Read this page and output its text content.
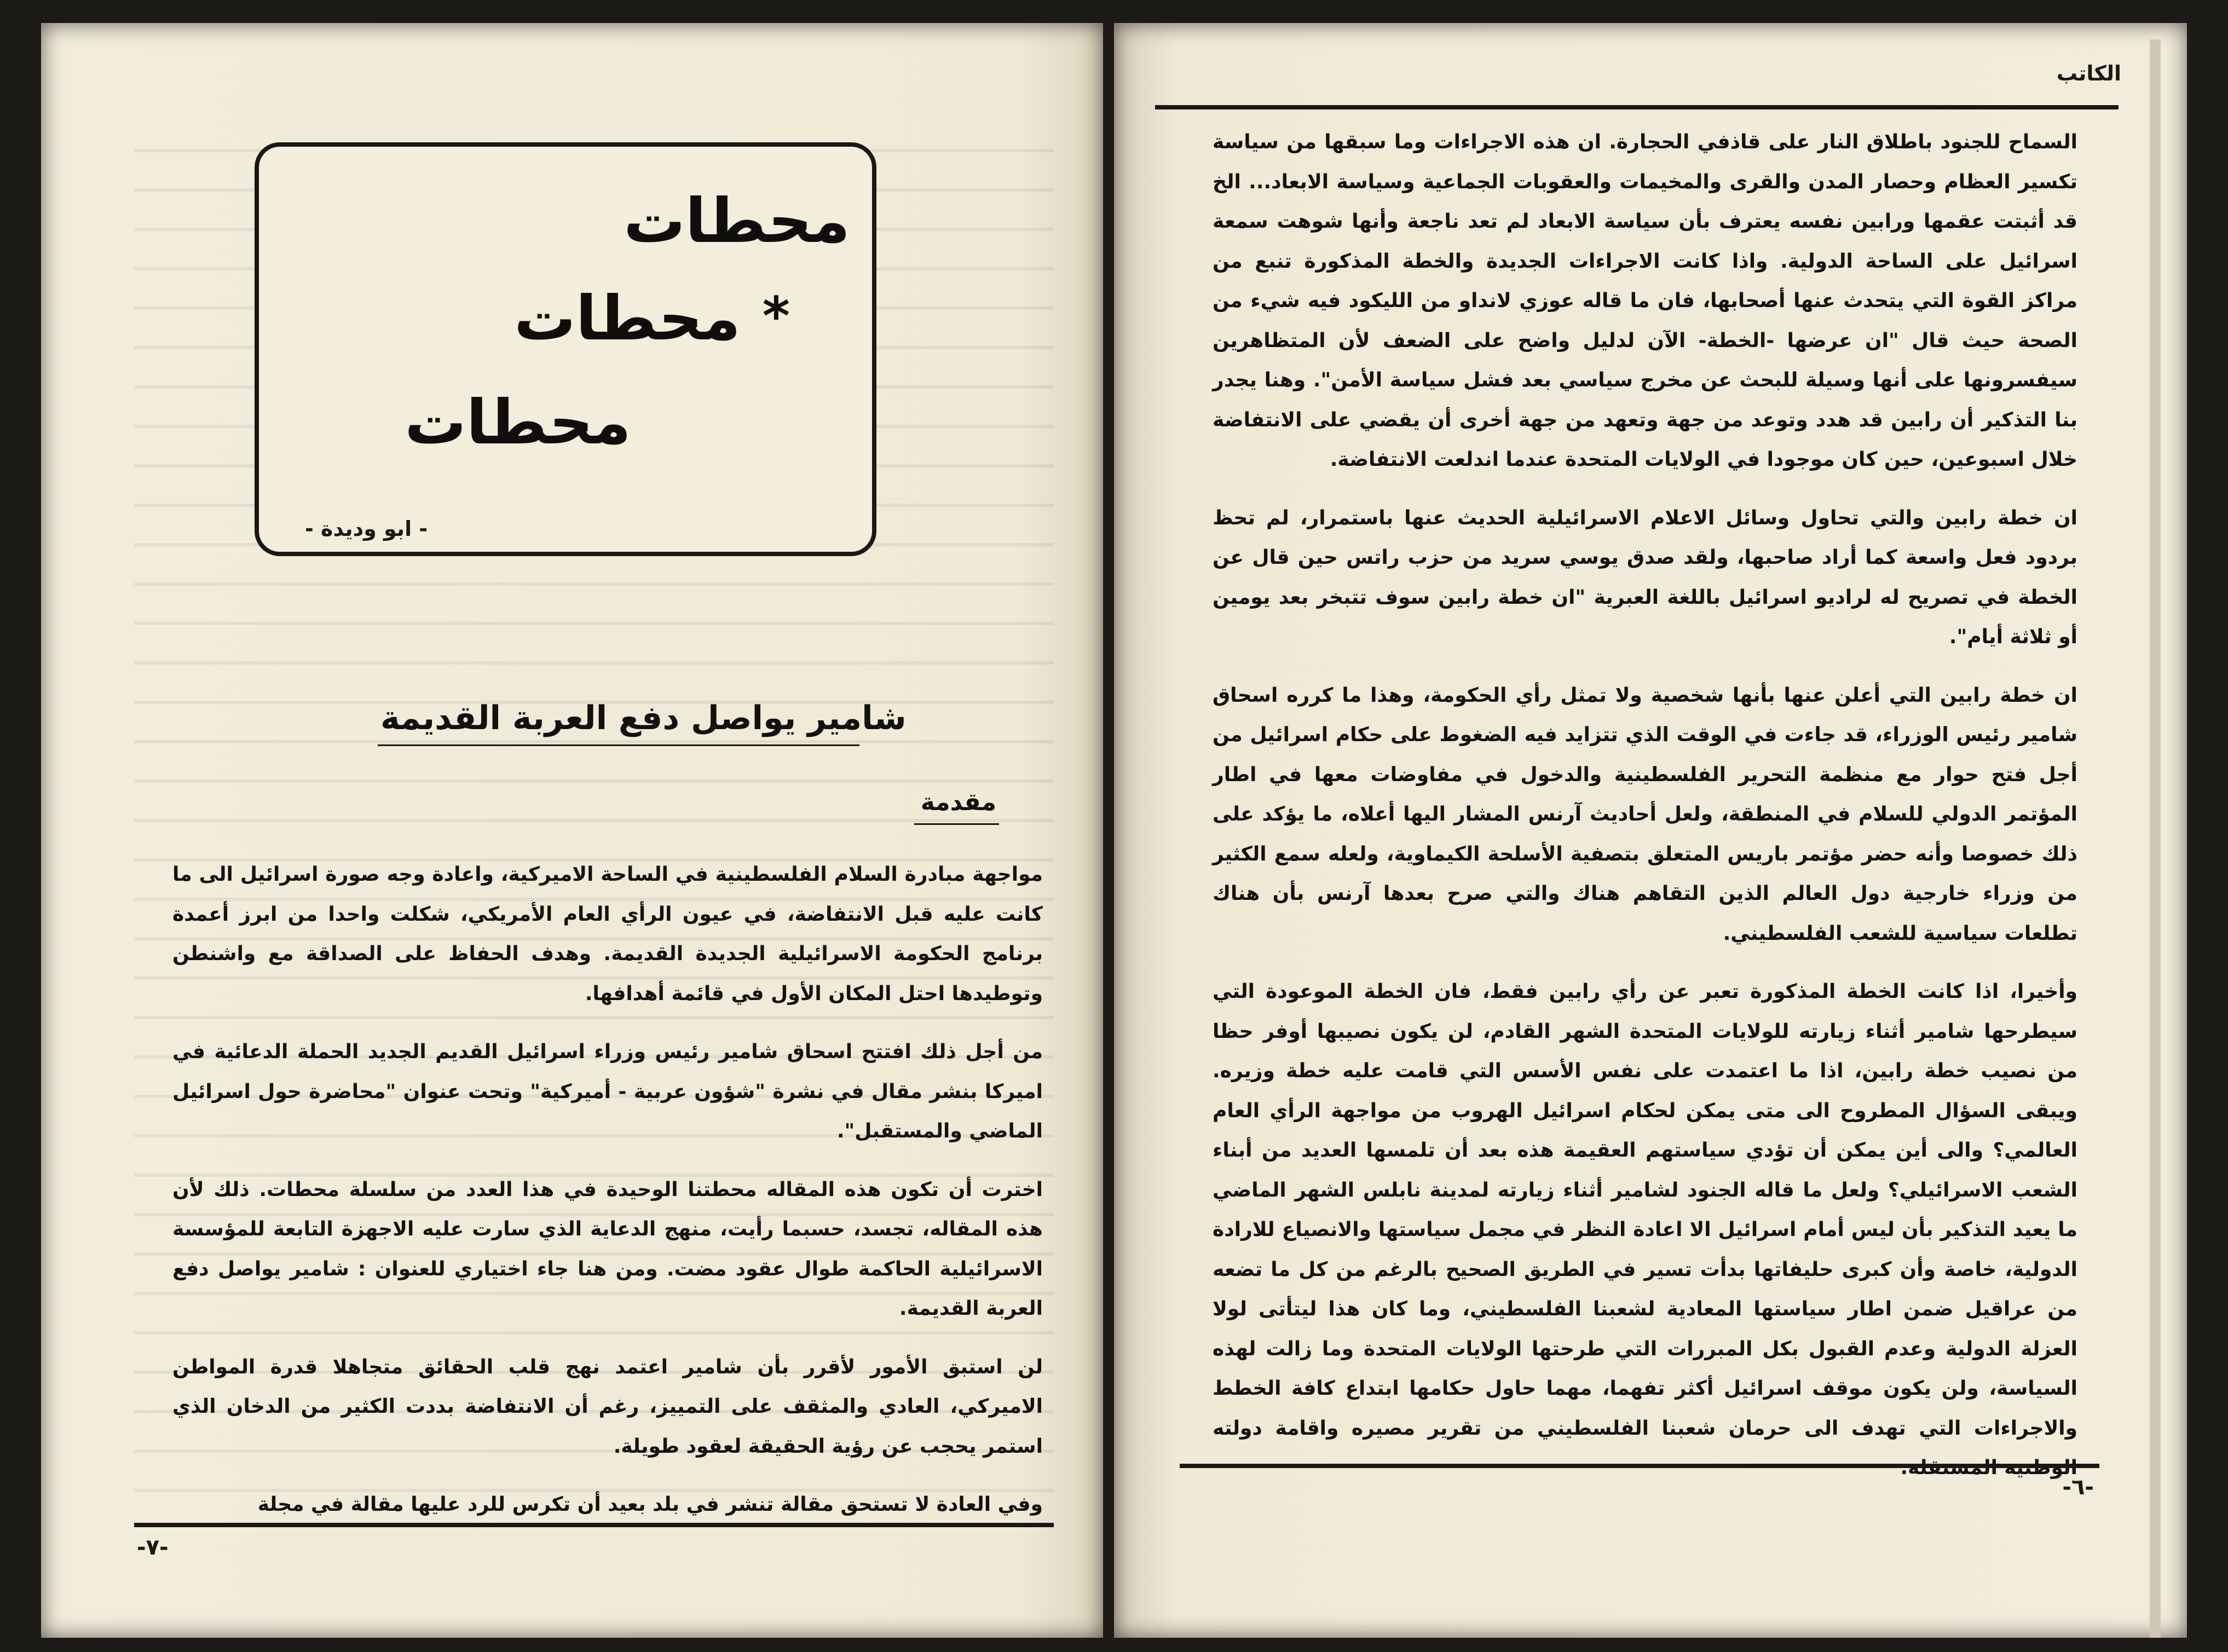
محطات
محطات *
محطات
- ابو وديدة -
شامير يواصل دفع العربة القديمة
مقدمة

مواجهة مبادرة السلام الفلسطينية في الساحة الاميركية، واعادة وجه صورة اسرائيل الى ما كانت عليه قبل الانتفاضة، في عيون الرأي العام الأمريكي، شكلت واحدا من ابرز أعمدة برنامج الحكومة الاسرائيلية الجديدة القديمة. وهدف الحفاظ على الصداقة مع واشنطن وتوطيدها احتل المكان الأول في قائمة أهدافها.

من أجل ذلك افتتح اسحاق شامير رئيس وزراء اسرائيل القديم الجديد الحملة الدعائية في اميركا بنشر مقال في نشرة "شؤون عربية - أميركية" وتحت عنوان "محاضرة حول اسرائيل الماضي والمستقبل".

اخترت أن تكون هذه المقاله محطتنا الوحيدة في هذا العدد من سلسلة محطات. ذلك لأن هذه المقاله، تجسد، حسبما رأيت، منهج الدعاية الذي سارت عليه الاجهزة التابعة للمؤسسة الاسرائيلية الحاكمة طوال عقود مضت. ومن هنا جاء اختياري للعنوان : شامير يواصل دفع العربة القديمة.

لن استبق الأمور لأقرر بأن شامير اعتمد نهج قلب الحقائق متجاهلا قدرة المواطن الاميركي، العادي والمثقف على التمييز، رغم أن الانتفاضة بددت الكثير من الدخان الذي استمر يحجب عن رؤية الحقيقة لعقود طويلة.

وفي العادة لا تستحق مقالة تنشر في بلد بعيد أن تكرس للرد عليها مقالة في مجلة

-٧-
الكاتب

السماح للجنود باطلاق النار على قاذفي الحجارة. ان هذه الاجراءات وما سبقها من سياسة تكسير العظام وحصار المدن والقرى والمخيمات والعقوبات الجماعية وسياسة الابعاد... الخ قد أثبتت عقمها ورابين نفسه يعترف بأن سياسة الابعاد لم تعد ناجعة وأنها شوهت سمعة اسرائيل على الساحة الدولية. واذا كانت الاجراءات الجديدة والخطة المذكورة تنبع من مراكز القوة التي يتحدث عنها أصحابها، فان ما قاله عوزي لانداو من الليكود فيه شيء من الصحة حيث قال "ان عرضها -الخطة- الآن لدليل واضح على الضعف لأن المتظاهرين سيفسرونها على أنها وسيلة للبحث عن مخرج سياسي بعد فشل سياسة الأمن". وهنا يجدر بنا التذكير أن رابين قد هدد وتوعد من جهة وتعهد من جهة أخرى أن يقضي على الانتفاضة خلال اسبوعين، حين كان موجودا في الولايات المتحدة عندما اندلعت الانتفاضة.

ان خطة رابين والتي تحاول وسائل الاعلام الاسرائيلية الحديث عنها باستمرار، لم تحظ بردود فعل واسعة كما أراد صاحبها، ولقد صدق يوسي سريد من حزب راتس حين قال عن الخطة في تصريح له لراديو اسرائيل باللغة العبرية "ان خطة رابين سوف تتبخر بعد يومين أو ثلاثة أيام".

ان خطة رابين التي أعلن عنها بأنها شخصية ولا تمثل رأي الحكومة، وهذا ما كرره اسحاق شامير رئيس الوزراء، قد جاءت في الوقت الذي تتزايد فيه الضغوط على حكام اسرائيل من أجل فتح حوار مع منظمة التحرير الفلسطينية والدخول في مفاوضات معها في اطار المؤتمر الدولي للسلام في المنطقة، ولعل أحاديث آرنس المشار اليها أعلاه، ما يؤكد على ذلك خصوصا وأنه حضر مؤتمر باريس المتعلق بتصفية الأسلحة الكيماوية، ولعله سمع الكثير من وزراء خارجية دول العالم الذين التقاهم هناك والتي صرح بعدها آرنس بأن هناك تطلعات سياسية للشعب الفلسطيني.

وأخيرا، اذا كانت الخطة المذكورة تعبر عن رأي رابين فقط، فان الخطة الموعودة التي سيطرحها شامير أثناء زيارته للولايات المتحدة الشهر القادم، لن يكون نصيبها أوفر حظا من نصيب خطة رابين، اذا ما اعتمدت على نفس الأسس التي قامت عليه خطة وزيره. ويبقى السؤال المطروح الى متى يمكن لحكام اسرائيل الهروب من مواجهة الرأي العام العالمي؟ والى أين يمكن أن تؤدي سياستهم العقيمة هذه بعد أن تلمسها العديد من أبناء الشعب الاسرائيلي؟ ولعل ما قاله الجنود لشامير أثناء زيارته لمدينة نابلس الشهر الماضي ما يعيد التذكير بأن ليس أمام اسرائيل الا اعادة النظر في مجمل سياستها والانصياع للارادة الدولية، خاصة وأن كبرى حليفاتها بدأت تسير في الطريق الصحيح بالرغم من كل ما تضعه من عراقيل ضمن اطار سياستها المعادية لشعبنا الفلسطيني، وما كان هذا ليتأتى لولا العزلة الدولية وعدم القبول بكل المبررات التي طرحتها الولايات المتحدة وما زالت لهذه السياسة، ولن يكون موقف اسرائيل أكثر تفهما، مهما حاول حكامها ابتداع كافة الخطط والاجراءات التي تهدف الى حرمان شعبنا الفلسطيني من تقرير مصيره واقامة دولته

-٦-
